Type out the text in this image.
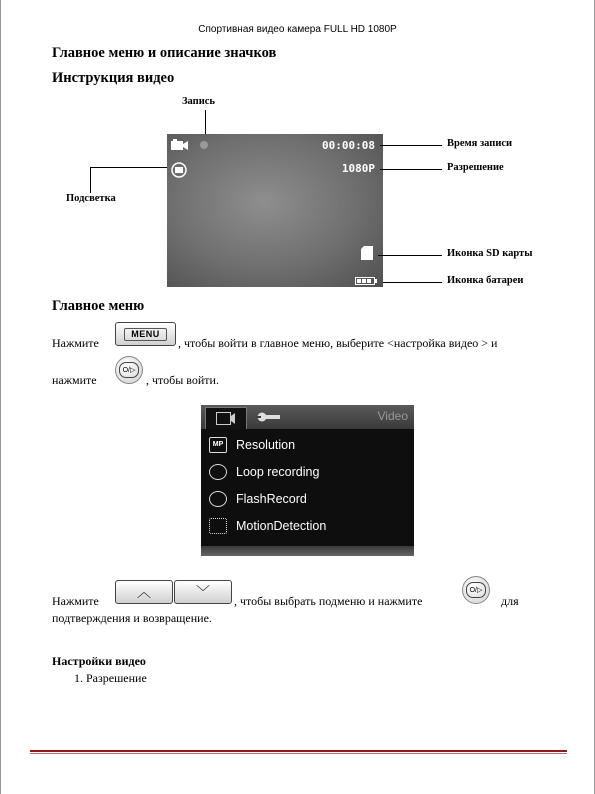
Спортивная видео камера FULL HD 1080P
Главное меню и описание значков
Инструкция видео
Запись
00:00:08
1080P
Время записи
Разрешение
Подсветка
Иконка SD карты
Иконка батареи
Главное меню
Нажмите
MENU
, чтобы войти в главное меню, выберите <настройка видео > и
нажмите
O/▷
, чтобы войти.
Video
MP	Resolution
Loop recording
FlashRecord
MotionDetection
Нажмите	︿	﹀ , чтобы выбрать подменю и нажмите
O/▷
для
подтверждения и возвращение.
Настройки видео
1. Разрешение
